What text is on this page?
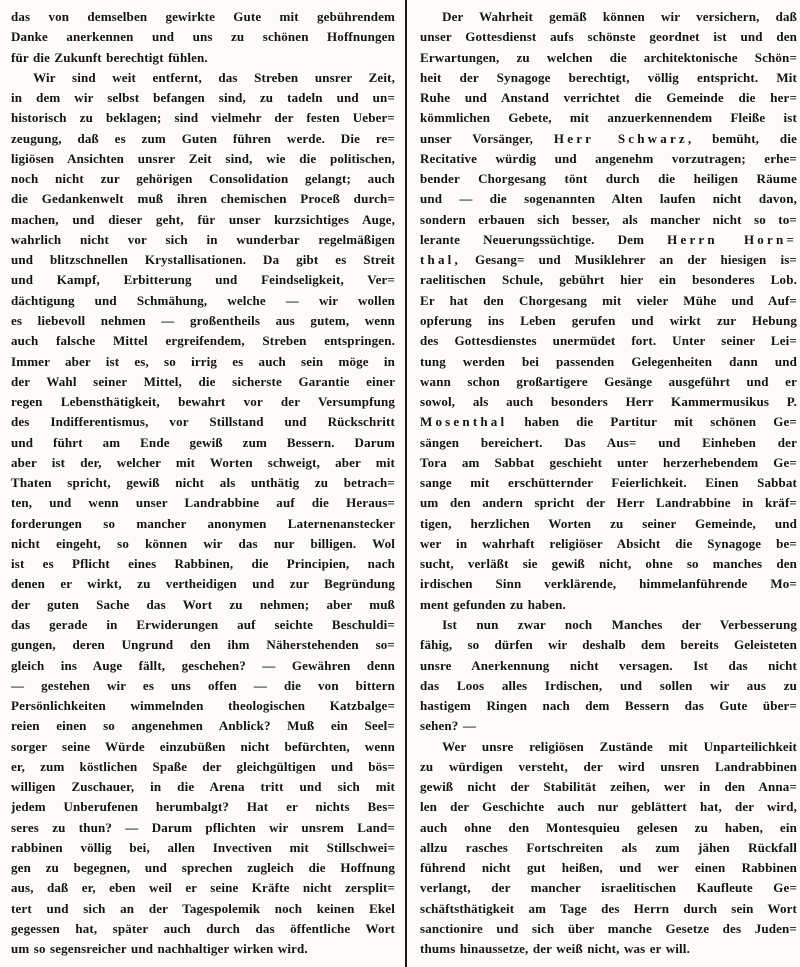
das von demselben gewirkte Gute mit gebührendem
Danke anerkennen und uns zu schönen Hoffnungen
für die Zukunft berechtigt fühlen.
Wir sind weit entfernt, das Streben unsrer Zeit,
in dem wir selbst befangen sind, zu tadeln und un=
historisch zu beklagen; sind vielmehr der festen Ueber=
zeugung, daß es zum Guten führen werde. Die re=
ligiösen Ansichten unsrer Zeit sind, wie die politischen,
noch nicht zur gehörigen Consolidation gelangt; auch
die Gedankenwelt muß ihren chemischen Proceß durch=
machen, und dieser geht, für unser kurzsichtiges Auge,
wahrlich nicht vor sich in wunderbar regelmäßigen
und blitzschnellen Krystallisationen. Da gibt es Streit
und Kampf, Erbitterung und Feindseligkeit, Ver=
dächtigung und Schmähung, welche — wir wollen
es liebevoll nehmen — großentheils aus gutem, wenn
auch falsche Mittel ergreifendem, Streben entspringen.
Immer aber ist es, so irrig es auch sein möge in
der Wahl seiner Mittel, die sicherste Garantie einer
regen Lebensthätigkeit, bewahrt vor der Versumpfung
des Indifferentismus, vor Stillstand und Rückschritt
und führt am Ende gewiß zum Bessern. Darum
aber ist der, welcher mit Worten schweigt, aber mit
Thaten spricht, gewiß nicht als unthätig zu betrach=
ten, und wenn unser Landrabbine auf die Heraus=
forderungen so mancher anonymen Laternenanstecker
nicht eingeht, so können wir das nur billigen. Wol
ist es Pflicht eines Rabbinen, die Principien, nach
denen er wirkt, zu vertheidigen und zur Begründung
der guten Sache das Wort zu nehmen; aber muß
das gerade in Erwiderungen auf seichte Beschuldi=
gungen, deren Ungrund den ihm Näherstehenden so=
gleich ins Auge fällt, geschehen? — Gewähren denn
— gestehen wir es uns offen — die von bittern
Persönlichkeiten wimmelnden theologischen Katzbalge=
reien einen so angenehmen Anblick? Muß ein Seel=
sorger seine Würde einzubüßen nicht befürchten, wenn
er, zum köstlichen Spaße der gleichgültigen und bös=
willigen Zuschauer, in die Arena tritt und sich mit
jedem Unberufenen herumbalgt? Hat er nichts Bes=
seres zu thun? — Darum pflichten wir unsrem Land=
rabbinen völlig bei, allen Invectiven mit Stillschwei=
gen zu begegnen, und sprechen zugleich die Hoffnung
aus, daß er, eben weil er seine Kräfte nicht zersplit=
tert und sich an der Tagespolemik noch keinen Ekel
gegessen hat, später auch durch das öffentliche Wort
um so segensreicher und nachhaltiger wirken wird.
Der Wahrheit gemäß können wir versichern, daß
unser Gottesdienst aufs schönste geordnet ist und den
Erwartungen, zu welchen die architektonische Schön=
heit der Synagoge berechtigt, völlig entspricht. Mit
Ruhe und Anstand verrichtet die Gemeinde die her=
kömmlichen Gebete, mit anzuerkennendem Fleiße ist
unser Vorsänger, Herr Schwarz, bemüht, die
Recitative würdig und angenehm vorzutragen; erhe=
bender Chorgesang tönt durch die heiligen Räume
und — die sogenannten Alten laufen nicht davon,
sondern erbauen sich besser, als mancher nicht so to=
lerante Neuerungssüchtige. Dem Herrn Horn=
thal, Gesang= und Musiklehrer an der hiesigen is=
raelitischen Schule, gebührt hier ein besonderes Lob.
Er hat den Chorgesang mit vieler Mühe und Auf=
opferung ins Leben gerufen und wirkt zur Hebung
des Gottesdienstes unermüdet fort. Unter seiner Lei=
tung werden bei passenden Gelegenheiten dann und
wann schon großartigere Gesänge ausgeführt und er
sowol, als auch besonders Herr Kammermusikus P.
Mosenthal haben die Partitur mit schönen Ge=
sängen bereichert. Das Aus= und Einheben der
Tora am Sabbat geschieht unter herzerhebendem Ge=
sange mit erschütternder Feierlichkeit. Einen Sabbat
um den andern spricht der Herr Landrabbine in kräf=
tigen, herzlichen Worten zu seiner Gemeinde, und
wer in wahrhaft religiöser Absicht die Synagoge be=
sucht, verläßt sie gewiß nicht, ohne so manches den
irdischen Sinn verklärende, himmelanführende Mo=
ment gefunden zu haben.
Ist nun zwar noch Manches der Verbesserung
fähig, so dürfen wir deshalb dem bereits Geleisteten
unsre Anerkennung nicht versagen. Ist das nicht
das Loos alles Irdischen, und sollen wir aus zu
hastigem Ringen nach dem Bessern das Gute über=
sehen? —
Wer unsre religiösen Zustände mit Unparteilichkeit
zu würdigen versteht, der wird unsren Landrabbinen
gewiß nicht der Stabilität zeihen, wer in den Anna=
len der Geschichte auch nur geblättert hat, der wird,
auch ohne den Montesquieu gelesen zu haben, ein
allzu rasches Fortschreiten als zum jähen Rückfall
führend nicht gut heißen, und wer einen Rabbinen
verlangt, der mancher israelitischen Kaufleute Ge=
schäftsthätigkeit am Tage des Herrn durch sein Wort
sanctionire und sich über manche Gesetze des Juden=
thums hinaussetze, der weiß nicht, was er will.
